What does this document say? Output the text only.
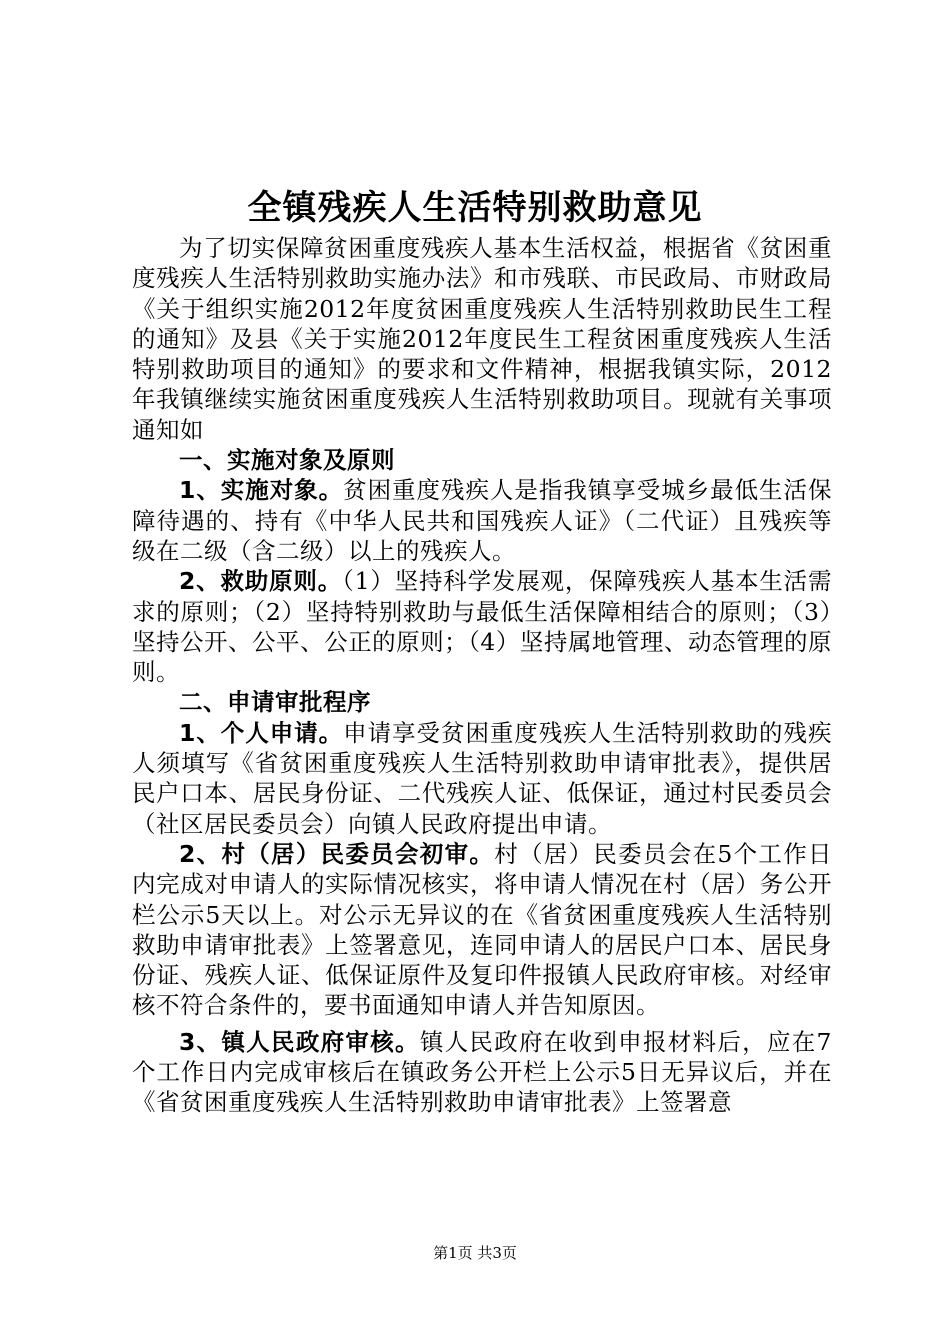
全镇残疾人生活特别救助意见

为了切实保障贫困重度残疾人基本生活权益，根据省《贫困重度残疾人生活特别救助实施办法》和市残联、市民政局、市财政局《关于组织实施2012年度贫困重度残疾人生活特别救助民生工程的通知》及县《关于实施2012年度民生工程贫困重度残疾人生活特别救助项目的通知》的要求和文件精神，根据我镇实际，2012年我镇继续实施贫困重度残疾人生活特别救助项目。现就有关事项通知如

一、实施对象及原则

1、实施对象。贫困重度残疾人是指我镇享受城乡最低生活保障待遇的、持有《中华人民共和国残疾人证》（二代证）且残疾等级在二级（含二级）以上的残疾人。

2、救助原则。（1）坚持科学发展观，保障残疾人基本生活需求的原则；（2）坚持特别救助与最低生活保障相结合的原则；（3）坚持公开、公平、公正的原则；（4）坚持属地管理、动态管理的原则。

二、申请审批程序

1、个人申请。申请享受贫困重度残疾人生活特别救助的残疾人须填写《省贫困重度残疾人生活特别救助申请审批表》，提供居民户口本、居民身份证、二代残疾人证、低保证，通过村民委员会（社区居民委员会）向镇人民政府提出申请。

2、村（居）民委员会初审。村（居）民委员会在5个工作日内完成对申请人的实际情况核实，将申请人情况在村（居）务公开栏公示5天以上。对公示无异议的在《省贫困重度残疾人生活特别救助申请审批表》上签署意见，连同申请人的居民户口本、居民身份证、残疾人证、低保证原件及复印件报镇人民政府审核。对经审核不符合条件的，要书面通知申请人并告知原因。

3、镇人民政府审核。镇人民政府在收到申报材料后，应在7个工作日内完成审核后在镇政务公开栏上公示5日无异议后，并在《省贫困重度残疾人生活特别救助申请审批表》上签署意

第1页 共3页
